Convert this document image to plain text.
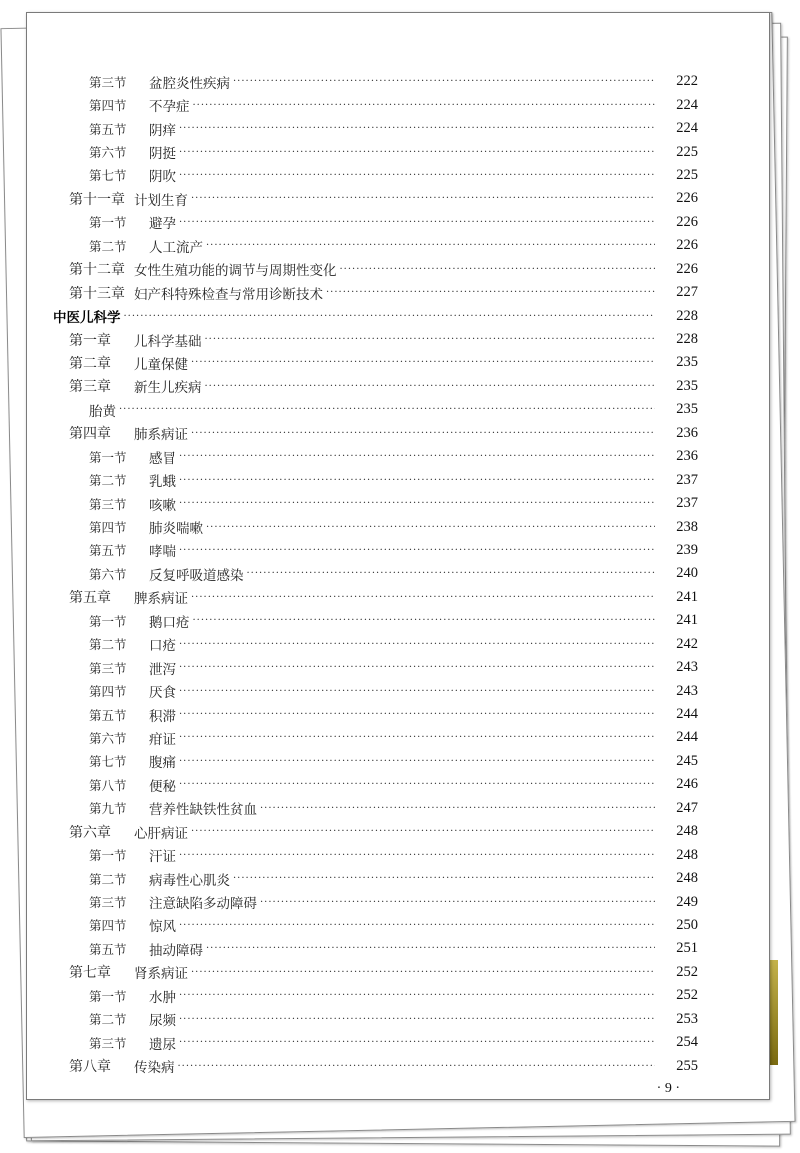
第三节	盆腔炎性疾病 ·····	222
第四节	不孕症 ·····	224
第五节	阴痒 ·····	224
第六节	阴挺 ·····	225
第七节	阴吹 ·····	225
第十一章 计划生育 ·····	226
第一节	避孕 ·····	226
第二节	人工流产 ·····	226
第十二章 女性生殖功能的调节与周期性变化 ·····	226
第十三章 妇产科特殊检查与常用诊断技术 ·····	227
中医儿科学 ·····	228
第一章	儿科学基础 ·····	228
第二章	儿童保健 ·····	235
第三章	新生儿疾病 ·····	235
胎黄 ·····	235
第四章	肺系病证 ·····	236
第一节	感冒 ·····	236
第二节	乳蛾 ·····	237
第三节	咳嗽 ·····	237
第四节	肺炎喘嗽 ·····	238
第五节	哮喘 ·····	239
第六节	反复呼吸道感染 ·····	240
第五章	脾系病证 ·····	241
第一节	鹅口疮 ·····	241
第二节	口疮 ·····	242
第三节	泄泻 ·····	243
第四节	厌食 ·····	243
第五节	积滞 ·····	244
第六节	疳证 ·····	244
第七节	腹痛 ·····	245
第八节	便秘 ·····	246
第九节	营养性缺铁性贫血 ·····	247
第六章	心肝病证 ·····	248
第一节	汗证 ·····	248
第二节	病毒性心肌炎 ·····	248
第三节	注意缺陷多动障碍 ·····	249
第四节	惊风 ·····	250
第五节	抽动障碍 ·····	251
第七章	肾系病证 ·····	252
第一节	水肿 ·····	252
第二节	尿频 ·····	253
第三节	遗尿 ·····	254
第八章	传染病 ·····	255
· 9 ·
